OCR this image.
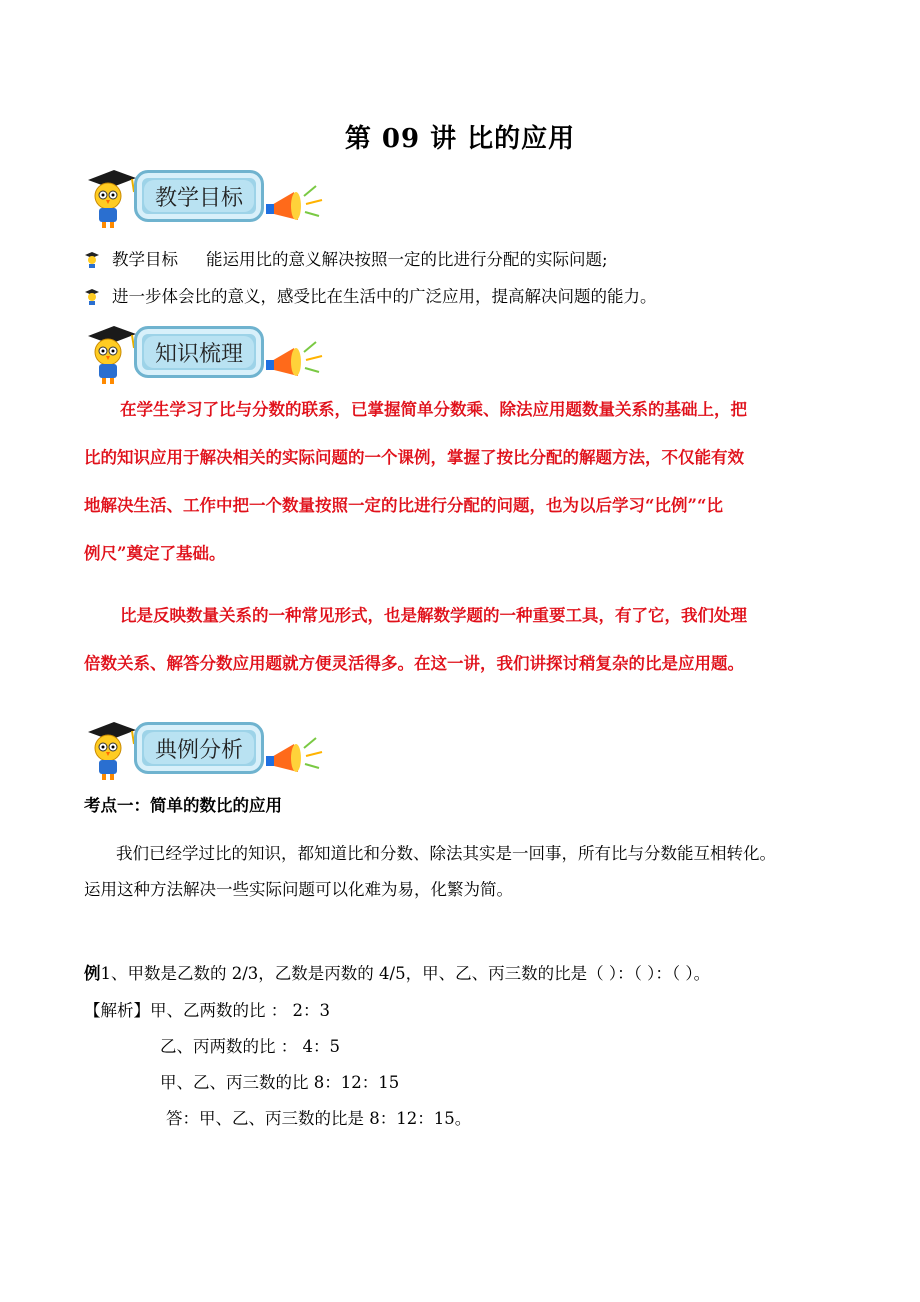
第 09 讲 比的应用
教学目标
教学目标 能运用比的意义解决按照一定的比进行分配的实际问题;
进一步体会比的意义，感受比在生活中的广泛应用，提高解决问题的能力。
知识梳理
在学生学习了比与分数的联系，已掌握简单分数乘、除法应用题数量关系的基础上，把
比的知识应用于解决相关的实际问题的一个课例，掌握了按比分配的解题方法，不仅能有效
地解决生活、工作中把一个数量按照一定的比进行分配的问题，也为以后学习“比例”“比
例尺”奠定了基础。
比是反映数量关系的一种常见形式，也是解数学题的一种重要工具，有了它，我们处理
倍数关系、解答分数应用题就方便灵活得多。在这一讲，我们讲探讨稍复杂的比是应用题。
典例分析
考点一：简单的数比的应用
我们已经学过比的知识，都知道比和分数、除法其实是一回事，所有比与分数能互相转化。
运用这种方法解决一些实际问题可以化难为易，化繁为简。
例1、甲数是乙数的 2/3，乙数是丙数的 4/5，甲、乙、丙三数的比是（ ）：（ ）：（ ）。
【解析】甲、乙两数的比 ： 2：3
乙、丙两数的比 ： 4：5
甲、乙、丙三数的比 8：12：15
答：甲、乙、丙三数的比是 8：12：15。
